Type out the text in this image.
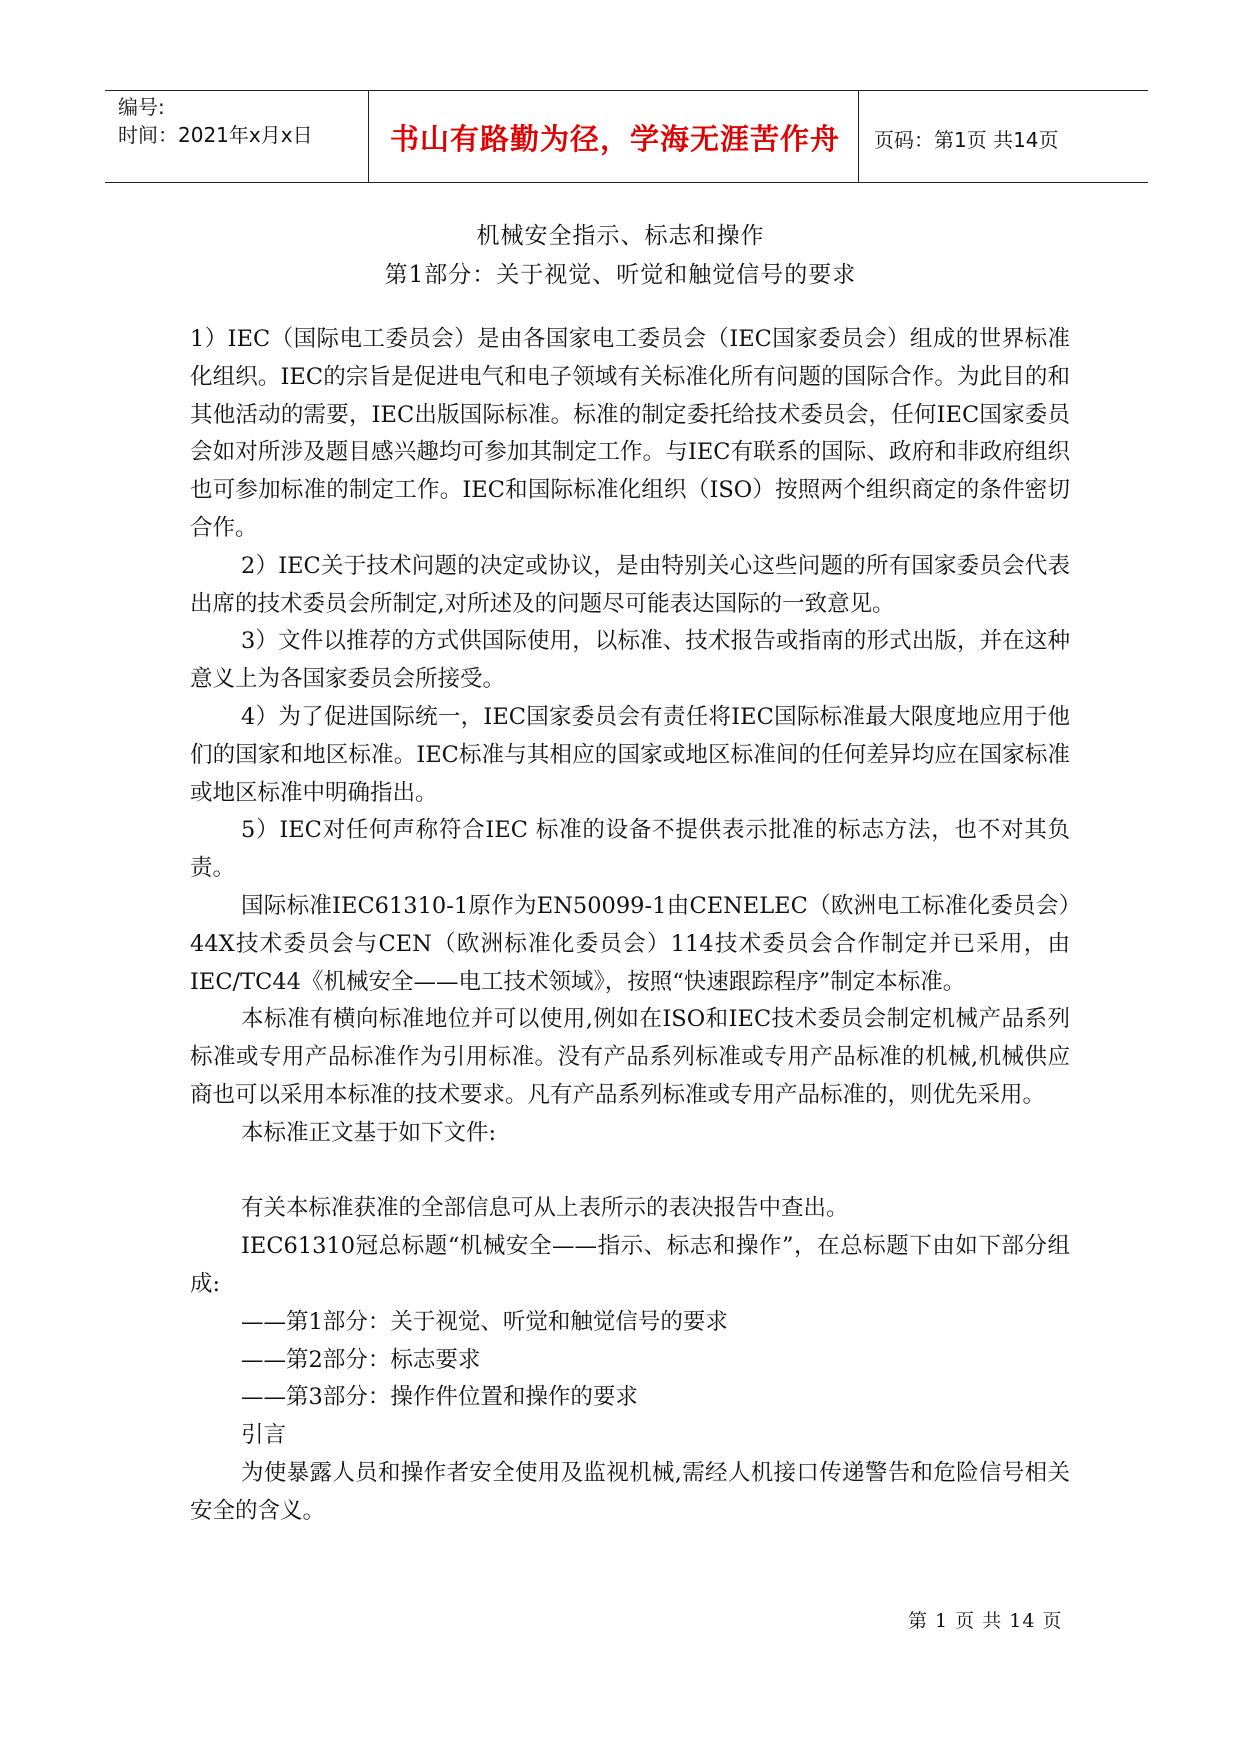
编号:
时间：2021年x月x日	书山有路勤为径，学海无涯苦作舟	页码：第1页 共14页
机械安全指示、标志和操作
第1部分：关于视觉、听觉和触觉信号的要求

1）IEC（国际电工委员会）是由各国家电工委员会（IEC国家委员会）组成的世界标准化组织。IEC的宗旨是促进电气和电子领域有关标准化所有问题的国际合作。为此目的和其他活动的需要，IEC出版国际标准。标准的制定委托给技术委员会，任何IEC国家委员会如对所涉及题目感兴趣均可参加其制定工作。与IEC有联系的国际、政府和非政府组织也可参加标准的制定工作。IEC和国际标准化组织（ISO）按照两个组织商定的条件密切合作。

2）IEC关于技术问题的决定或协议，是由特别关心这些问题的所有国家委员会代表出席的技术委员会所制定,对所述及的问题尽可能表达国际的一致意见。

3）文件以推荐的方式供国际使用，以标准、技术报告或指南的形式出版，并在这种意义上为各国家委员会所接受。

4）为了促进国际统一，IEC国家委员会有责任将IEC国际标准最大限度地应用于他们的国家和地区标准。IEC标准与其相应的国家或地区标准间的任何差异均应在国家标准或地区标准中明确指出。

5）IEC对任何声称符合IEC 标准的设备不提供表示批准的标志方法，也不对其负责。

国际标准IEC61310-1原作为EN50099-1由CENELEC（欧洲电工标准化委员会）44X技术委员会与CEN（欧洲标准化委员会）114技术委员会合作制定并已采用，由IEC/TC44《机械安全——电工技术领域》，按照“快速跟踪程序”制定本标准。

本标准有横向标准地位并可以使用,例如在ISO和IEC技术委员会制定机械产品系列标准或专用产品标准作为引用标准。没有产品系列标准或专用产品标准的机械,机械供应商也可以采用本标准的技术要求。凡有产品系列标准或专用产品标准的，则优先采用。

本标准正文基于如下文件:

有关本标准获准的全部信息可从上表所示的表决报告中查出。

IEC61310冠总标题“机械安全——指示、标志和操作”，在总标题下由如下部分组成:

——第1部分：关于视觉、听觉和触觉信号的要求

——第2部分：标志要求

——第3部分：操作件位置和操作的要求

引言

为使暴露人员和操作者安全使用及监视机械,需经人机接口传递警告和危险信号相关安全的含义。

第 1 页 共 14 页
